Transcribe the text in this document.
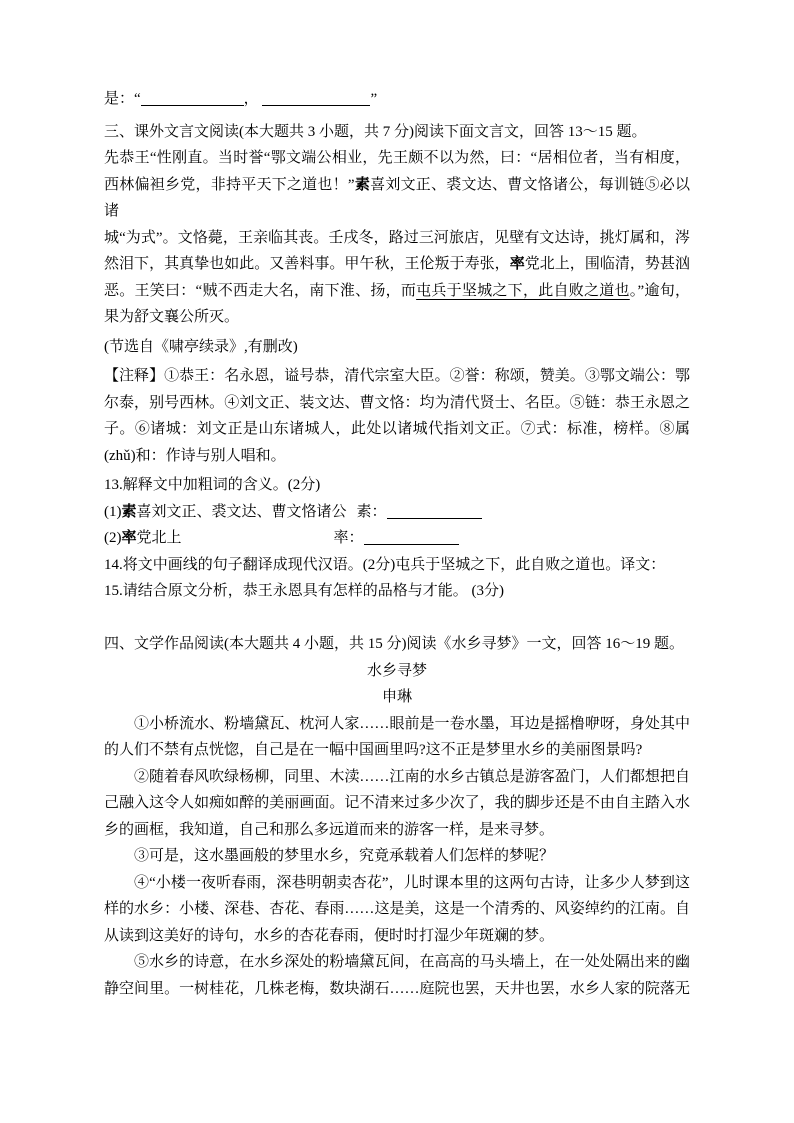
是：“	，	”
三、课外文言文阅读(本大题共 3 小题，共 7 分)阅读下面文言文，回答 13～15 题。
先恭王“性刚直。当时誉“鄂文端公相业，先王颇不以为然，曰：“居相位者，当有相度，
西林偏袒乡党，非持平天下之道也！”素喜刘文正、裘文达、曹文恪诸公，每训链⑤必以诸
城“为式”。文恪薨，王亲临其丧。壬戌冬，路过三河旅店，见壁有文达诗，挑灯属和，涔
然泪下，其真挚也如此。又善料事。甲午秋，王伦叛于寿张，率党北上，围临清，势甚汹
恶。王笑曰：“贼不西走大名，南下淮、扬，而屯兵于坚城之下，此自败之道也。”逾旬，
果为舒文襄公所灭。
(节选自《啸亭续录》,有删改)
【注释】①恭王：名永恩，谥号恭，清代宗室大臣。②誉：称颂，赞美。③鄂文端公：鄂
尔泰，别号西林。④刘文正、装文达、曹文恪：均为清代贤士、名臣。⑤链：恭王永恩之
子。⑥诸城：刘文正是山东诸城人，此处以诸城代指刘文正。⑦式：标准，榜样。⑧属
(zhǔ)和：作诗与别人唱和。
13.解释文中加粗词的含义。(2分)
(1)素喜刘文正、裘文达、曹文恪诸公 素：
(2)率党北上	率：
14.将文中画线的句子翻译成现代汉语。(2分)屯兵于坚城之下，此自败之道也。译文：
15.请结合原文分析，恭王永恩具有怎样的品格与才能。 (3分)

四、文学作品阅读(本大题共 4 小题，共 15 分)阅读《水乡寻梦》一文，回答 16～19 题。
水乡寻梦
申琳
①小桥流水、粉墙黛瓦、枕河人家……眼前是一卷水墨，耳边是摇橹咿呀，身处其中
的人们不禁有点恍惚，自己是在一幅中国画里吗?这不正是梦里水乡的美丽图景吗?
②随着春风吹绿杨柳，同里、木渎……江南的水乡古镇总是游客盈门，人们都想把自
己融入这令人如痴如醉的美丽画面。记不清来过多少次了，我的脚步还是不由自主踏入水
乡的画框，我知道，自己和那么多远道而来的游客一样，是来寻梦。
③可是，这水墨画般的梦里水乡，究竟承载着人们怎样的梦呢？
④“小楼一夜听春雨，深巷明朝卖杏花”，儿时课本里的这两句古诗，让多少人梦到这
样的水乡：小楼、深巷、杏花、春雨……这是美，这是一个清秀的、风姿绰约的江南。自
从读到这美好的诗句，水乡的杏花春雨，便时时打湿少年斑斓的梦。
⑤水乡的诗意，在水乡深处的粉墙黛瓦间，在高高的马头墙上，在一处处隔出来的幽
静空间里。一树桂花，几株老梅，数块湖石……庭院也罢，天井也罢，水乡人家的院落无
